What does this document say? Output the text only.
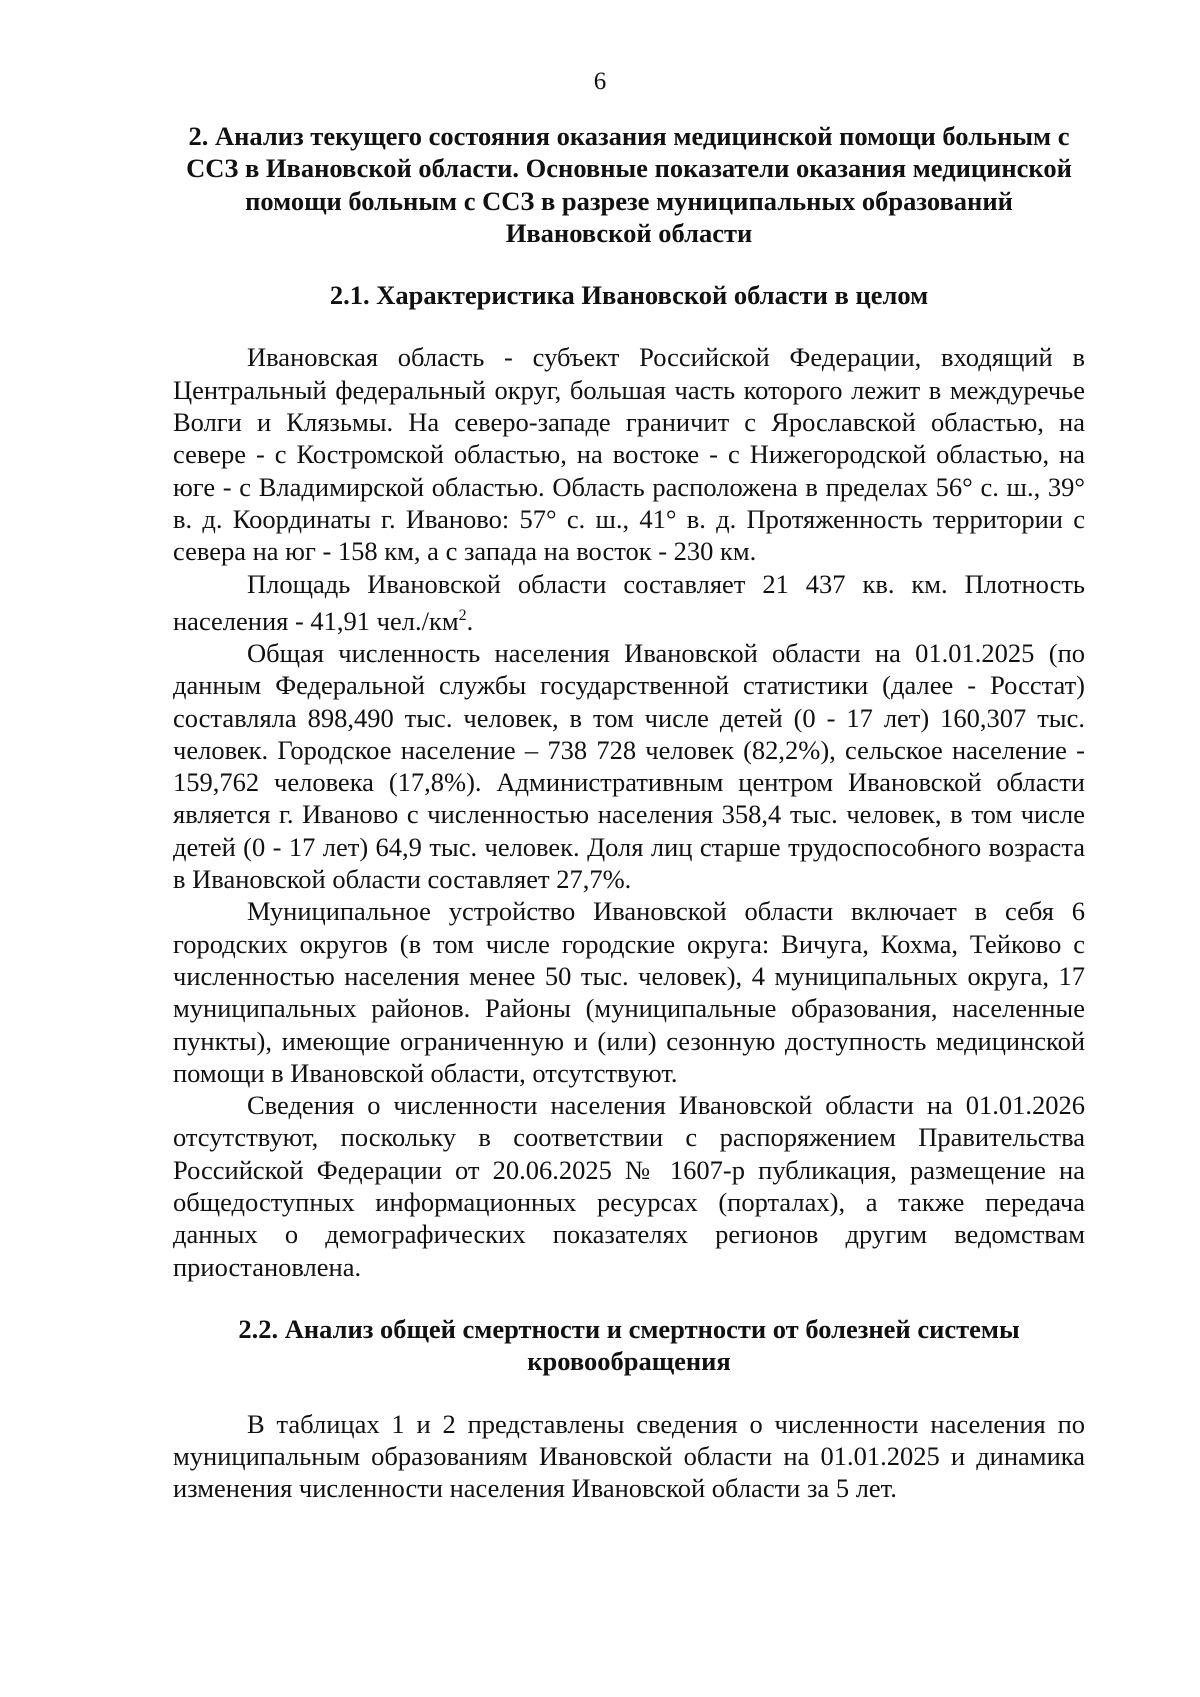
6
2. Анализ текущего состояния оказания медицинской помощи больным с ССЗ в Ивановской области. Основные показатели оказания медицинской помощи больным с ССЗ в разрезе муниципальных образований Ивановской области
2.1. Характеристика Ивановской области в целом

Ивановская область - субъект Российской Федерации, входящий в Центральный федеральный округ, большая часть которого лежит в междуречье Волги и Клязьмы. На северо-западе граничит с Ярославской областью, на севере - с Костромской областью, на востоке - с Нижегородской областью, на юге - с Владимирской областью. Область расположена в пределах 56° с. ш., 39° в. д. Координаты г. Иваново: 57° с. ш., 41° в. д. Протяженность территории с севера на юг - 158 км, а с запада на восток - 230 км.

Площадь Ивановской области составляет 21 437 кв. км. Плотность населения - 41,91 $чел./км^2$.

Общая численность населения Ивановской области на 01.01.2025 (по данным Федеральной службы государственной статистики (далее - Росстат) составляла 898,490 тыс. человек, в том числе детей (0 - 17 лет) 160,307 тыс. человек. Городское население – 738 728 человек (82,2%), сельское население - 159,762 человека (17,8%). Административным центром Ивановской области является г. Иваново с численностью населения 358,4 тыс. человек, в том числе детей (0 - 17 лет) 64,9 тыс. человек. Доля лиц старше трудоспособного возраста в Ивановской области составляет 27,7%.

Муниципальное устройство Ивановской области включает в себя 6 городских округов (в том числе городские округа: Вичуга, Кохма, Тейково с численностью населения менее 50 тыс. человек), 4 муниципальных округа, 17 муниципальных районов. Районы (муниципальные образования, населенные пункты), имеющие ограниченную и (или) сезонную доступность медицинской помощи в Ивановской области, отсутствуют.

Сведения о численности населения Ивановской области на 01.01.2026 отсутствуют, поскольку в соответствии с распоряжением Правительства Российской Федерации от 20.06.2025 № 1607-р публикация, размещение на общедоступных информационных ресурсах (порталах), а также передача данных о демографических показателях регионов другим ведомствам приостановлена.

2.2. Анализ общей смертности и смертности от болезней системы кровообращения

В таблицах 1 и 2 представлены сведения о численности населения по муниципальным образованиям Ивановской области на 01.01.2025 и динамика изменения численности населения Ивановской области за 5 лет.
